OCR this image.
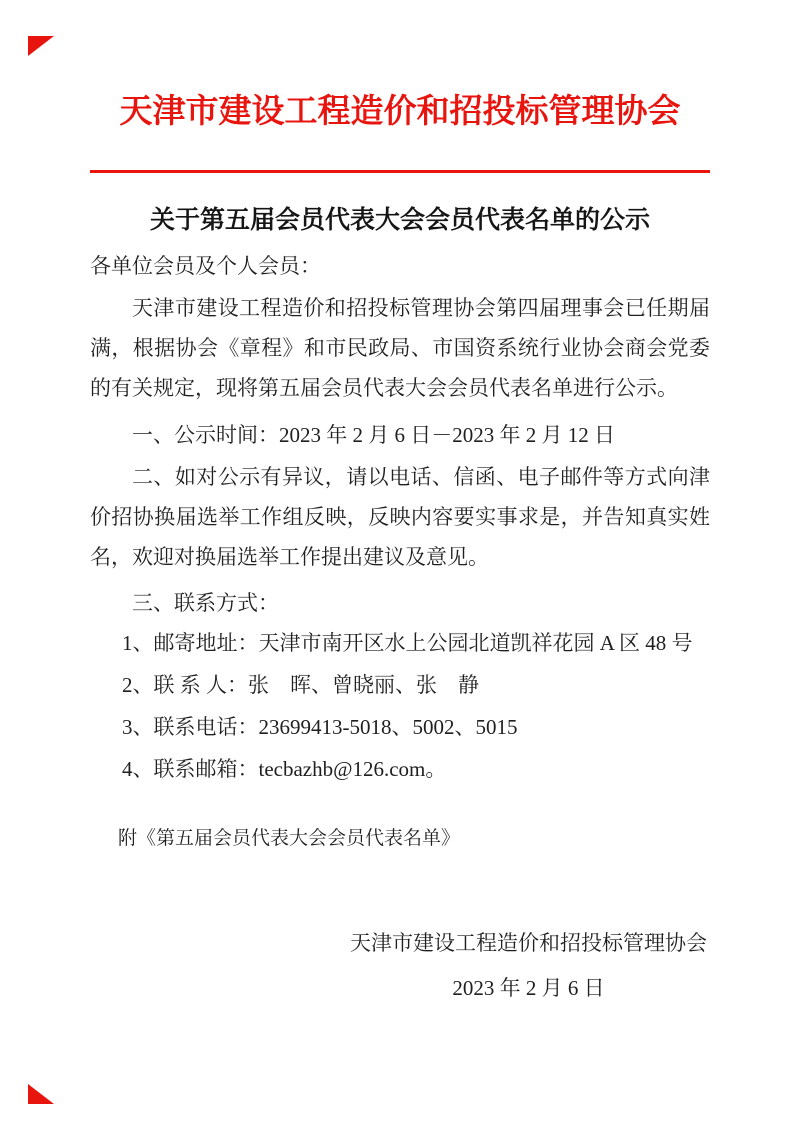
天津市建设工程造价和招投标管理协会
关于第五届会员代表大会会员代表名单的公示
各单位会员及个人会员：
天津市建设工程造价和招投标管理协会第四届理事会已任期届满，根据协会《章程》和市民政局、市国资系统行业协会商会党委的有关规定，现将第五届会员代表大会会员代表名单进行公示。
一、公示时间：2023 年 2 月 6 日－2023 年 2 月 12 日
二、如对公示有异议，请以电话、信函、电子邮件等方式向津价招协换届选举工作组反映，反映内容要实事求是，并告知真实姓名，欢迎对换届选举工作提出建议及意见。
三、联系方式：
1、邮寄地址：天津市南开区水上公园北道凯祥花园 A 区 48 号
2、联 系 人：张　晖、曾晓丽、张　静
3、联系电话：23699413-5018、5002、5015
4、联系邮箱：tecbazhb@126.com。
附《第五届会员代表大会会员代表名单》
天津市建设工程造价和招投标管理协会
2023 年 2 月 6 日
